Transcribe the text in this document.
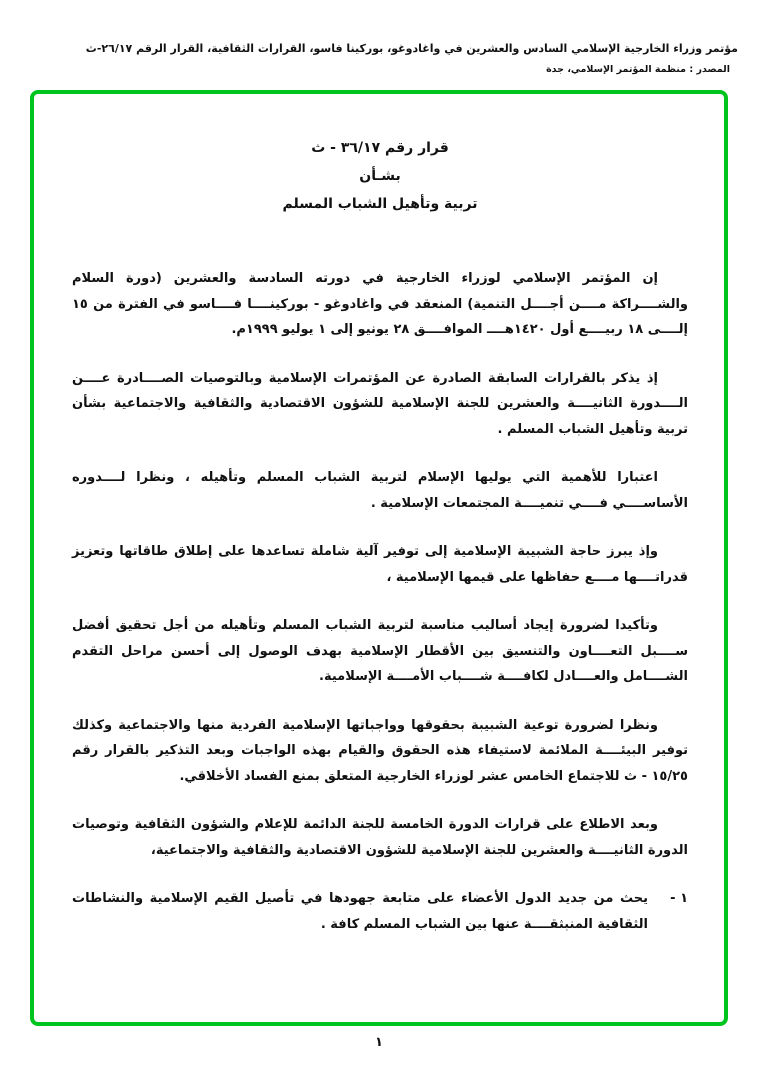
مؤتمر وزراء الخارجية الإسلامي السادس والعشرين في واغادوغو، بوركينا فاسو، القرارات الثقافية، القرار الرقم ٢٦/١٧-ث
المصدر : منظمة المؤتمر الإسلامي، جدة
قرار رقم ٣٦/١٧ - ث
بشـأن
تربية وتأهيل الشباب المسلم

إن المؤتمر الإسلامي لوزراء الخارجية في دورته السادسة والعشرين (دورة السلام والشــــراكة مــــن أجــــل التنمية) المنعقد في واغادوغو - بوركينــــا فــــاسو في الفترة من ١٥ إلــــى ١٨ ربيــــع أول ١٤٢٠هــــ الموافــــق ٢٨ يونيو إلى ١ يوليو ١٩٩٩م.

إذ يذكر بالقرارات السابقة الصادرة عن المؤتمرات الإسلامية وبالتوصيات الصــــادرة عــــن الــــدورة الثانيــــة والعشرين للجنة الإسلامية للشؤون الاقتصادية والثقافية والاجتماعية بشأن تربية وتأهيل الشباب المسلم .

اعتبارا للأهمية التي يوليها الإسلام لتربية الشباب المسلم وتأهيله ، ونظرا لــــدوره الأساســــي فــــي تنميــــة المجتمعات الإسلامية .

وإذ يبرز حاجة الشبيبة الإسلامية إلى توفير آلية شاملة تساعدها على إطلاق طاقاتها وتعزيز قدراتــــها مــــع حفاظها على قيمها الإسلامية ،

وتأكيدا لضرورة إيجاد أساليب مناسبة لتربية الشباب المسلم وتأهيله من أجل تحقيق أفضل ســــبل التعــــاون والتنسيق بين الأقطار الإسلامية بهدف الوصول إلى أحسن مراحل التقدم الشــــامل والعــــادل لكافــــة شــــباب الأمــــة الإسلامية.

ونظرا لضرورة توعية الشبيبة بحقوقها وواجباتها الإسلامية الفردية منها والاجتماعية وكذلك توفير البيئــــة الملائمة لاستيفاء هذه الحقوق والقيام بهذه الواجبات وبعد التذكير بالقرار رقم ١٥/٢٥ - ث للاجتماع الخامس عشر لوزراء الخارجية المتعلق بمنع الفساد الأخلاقي.

وبعد الاطلاع على قرارات الدورة الخامسة للجنة الدائمة للإعلام والشؤون الثقافية وتوصيات الدورة الثانيــــة والعشرين للجنة الإسلامية للشؤون الاقتصادية والثقافية والاجتماعية،

١ -

يحث من جديد الدول الأعضاء على متابعة جهودها في تأصيل القيم الإسلامية والنشاطات الثقافية المنبثقــــة عنها بين الشباب المسلم كافة .

١
